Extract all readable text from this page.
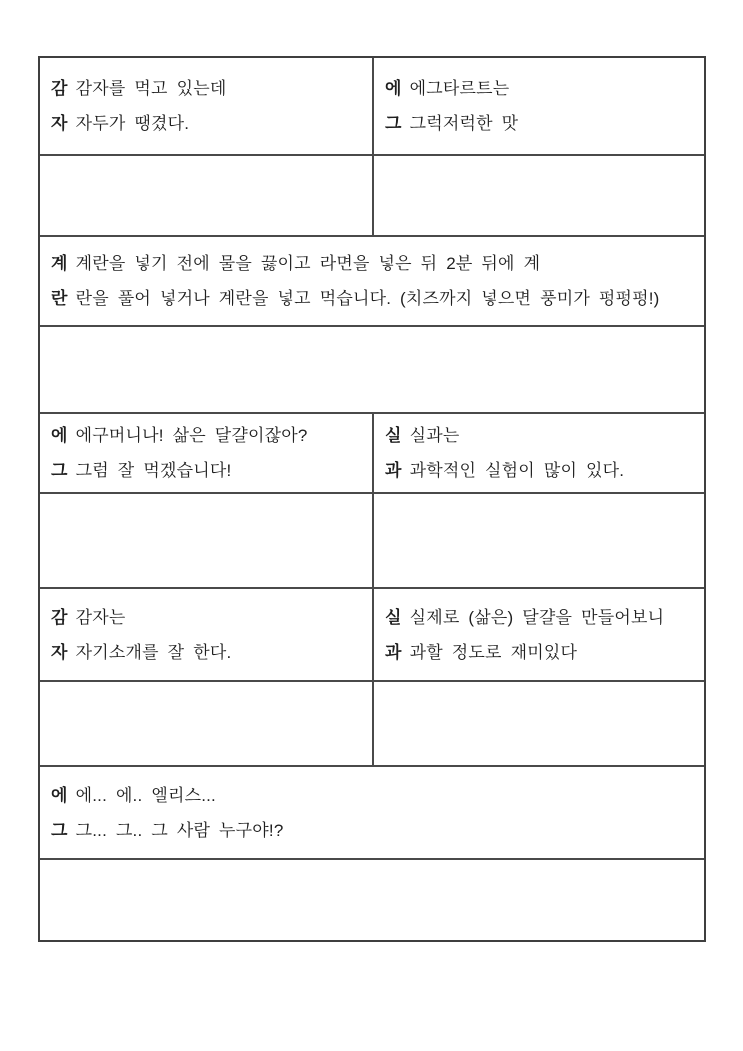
감 감자를 먹고 있는데

자 자두가 땡겼다.

에 에그타르트는

그 그럭저럭한 맛

계 계란을 넣기 전에 물을 끓이고 라면을 넣은 뒤 2분 뒤에 계

란 란을 풀어 넣거나 계란을 넣고 먹습니다. (치즈까지 넣으면 풍미가 펑펑펑!)

에 에구머니나! 삶은 달걀이잖아?

그 그럼 잘 먹겠습니다!

실 실과는

과 과학적인 실험이 많이 있다.

감 감자는

자 자기소개를 잘 한다.

실 실제로 (삶은) 달걀을 만들어보니

과 과할 정도로 재미있다

에 에... 에.. 엘리스...

그 그... 그.. 그 사람 누구야!?
